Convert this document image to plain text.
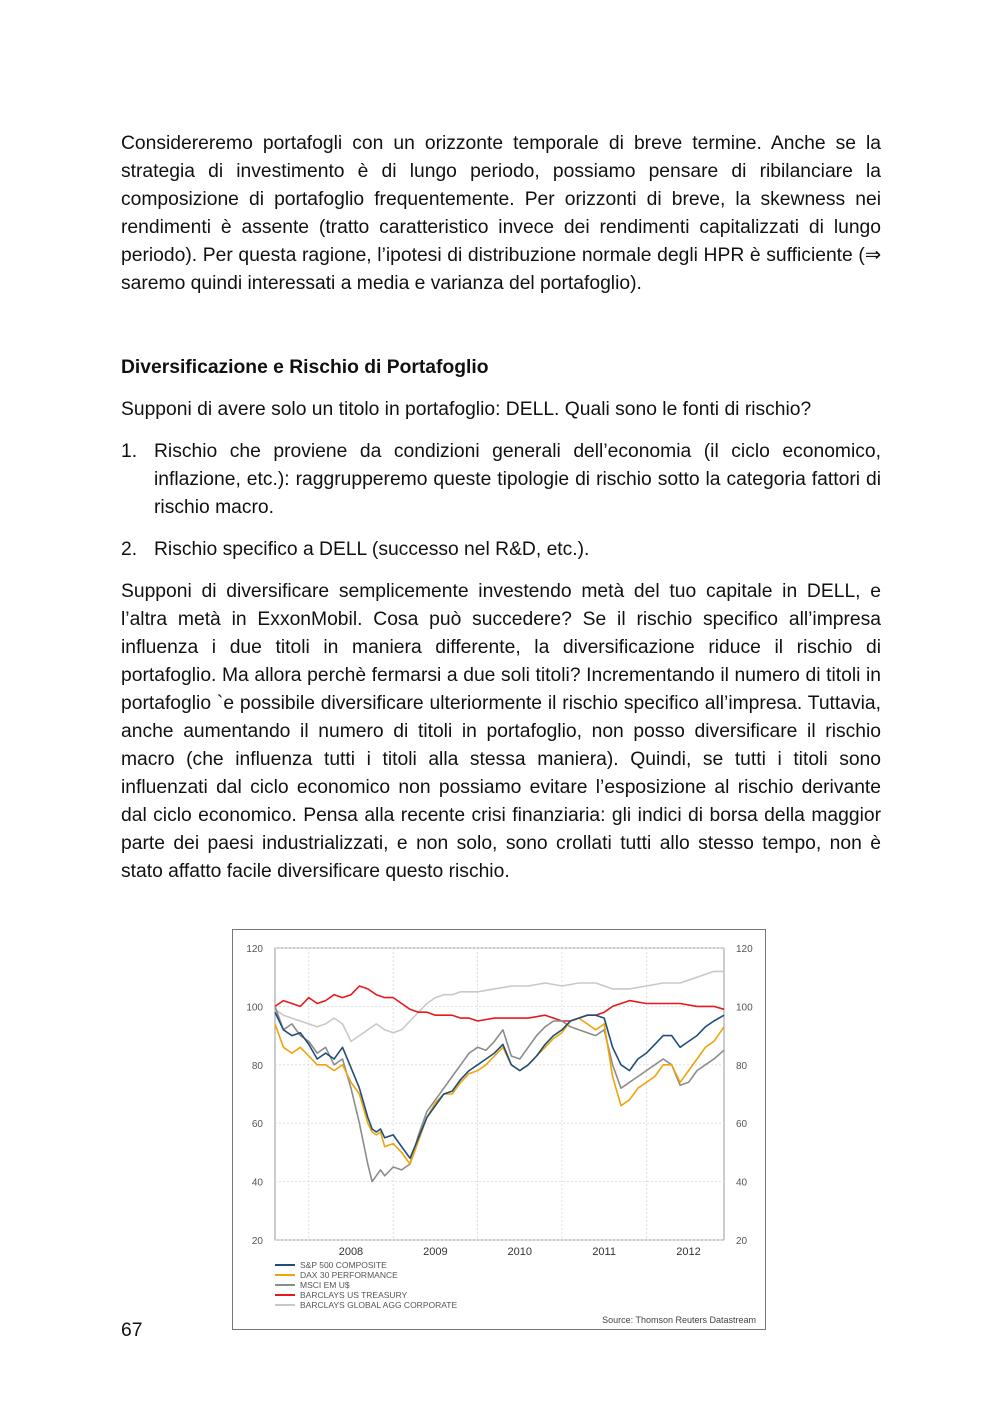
Considereremo portafogli con un orizzonte temporale di breve termine. Anche se la strategia di investimento è di lungo periodo, possiamo pensare di ribilanciare la composizione di portafoglio frequentemente. Per orizzonti di breve, la skewness nei rendimenti è assente (tratto caratteristico invece dei rendimenti capitalizzati di lungo periodo). Per questa ragione, l’ipotesi di distribuzione normale degli HPR è sufficiente (⇒ saremo quindi interessati a media e varianza del portafoglio).

Diversificazione e Rischio di Portafoglio

Supponi di avere solo un titolo in portafoglio: DELL. Quali sono le fonti di rischio?

1. Rischio che proviene da condizioni generali dell’economia (il ciclo economico, inflazione, etc.): raggrupperemo queste tipologie di rischio sotto la categoria fattori di rischio macro.
2. Rischio specifico a DELL (successo nel R&D, etc.).

Supponi di diversificare semplicemente investendo metà del tuo capitale in DELL, e l’altra metà in ExxonMobil. Cosa può succedere? Se il rischio specifico all’impresa influenza i due titoli in maniera differente, la diversificazione riduce il rischio di portafoglio. Ma allora perchè fermarsi a due soli titoli? Incrementando il numero di titoli in portafoglio `e possibile diversificare ulteriormente il rischio specifico all’impresa. Tuttavia, anche aumentando il numero di titoli in portafoglio, non posso diversificare il rischio macro (che influenza tutti i titoli alla stessa maniera). Quindi, se tutti i titoli sono influenzati dal ciclo economico non possiamo evitare l’esposizione al rischio derivante dal ciclo economico. Pensa alla recente crisi finanziaria: gli indici di borsa della maggior parte dei paesi industrializzati, e non solo, sono crollati tutti allo stesso tempo, non è stato affatto facile diversificare questo rischio.

20	20
40	40
60	60
80	80
100	100
120	120
2008	2009	2010	2011	2012
S&P 500 COMPOSITE
DAX 30 PERFORMANCE
MSCI EM U$
BARCLAYS US TREASURY
BARCLAYS GLOBAL AGG CORPORATE
Source: Thomson Reuters Datastream
67
